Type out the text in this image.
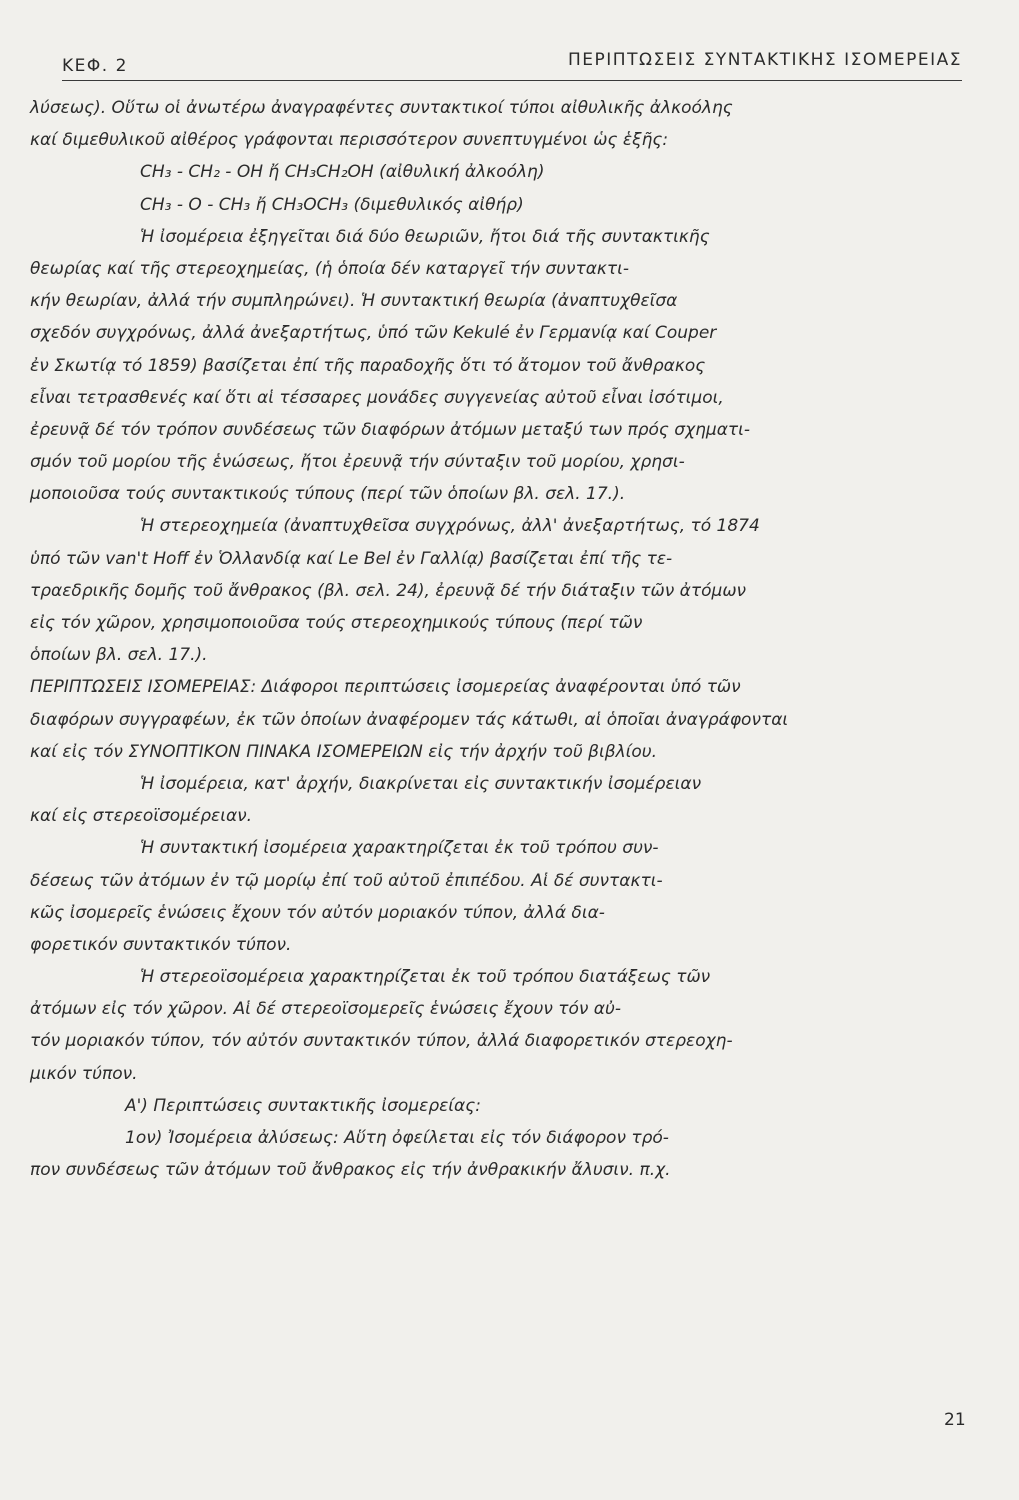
ΚΕΦ. 2	ΠΕΡΙΠΤΩΣΕΙΣ ΣΥΝΤΑΚΤΙΚΗΣ ΙΣΟΜΕΡΕΙΑΣ
λύσεως). Οὕτω οἱ ἀνωτέρω ἀναγραφέντες συντακτικοί τύποι αἰθυλικῆς ἀλκοόλης
καί διμεθυλικοῦ αἰθέρος γράφονται περισσότερον συνεπτυγμένοι ὡς ἑξῆς:
CH₃ - CH₂ - OH ἤ CH₃CH₂OH (αἰθυλική ἀλκοόλη)
CH₃ - O - CH₃ ἤ CH₃OCH₃ (διμεθυλικός αἰθήρ)
Ἡ ἰσομέρεια ἐξηγεῖται διά δύο θεωριῶν, ἤτοι διά τῆς συντακτικῆς
θεωρίας καί τῆς στερεοχημείας, (ἡ ὁποία δέν καταργεῖ τήν συντακτι-
κήν θεωρίαν, ἀλλά τήν συμπληρώνει). Ἡ συντακτική θεωρία (ἀναπτυχθεῖσα
σχεδόν συγχρόνως, ἀλλά ἀνεξαρτήτως, ὑπό τῶν Kekulé ἐν Γερμανίᾳ καί Couper
ἐν Σκωτίᾳ τό 1859) βασίζεται ἐπί τῆς παραδοχῆς ὅτι τό ἄτομον τοῦ ἄνθρακος
εἶναι τετρασθενές καί ὅτι αἱ τέσσαρες μονάδες συγγενείας αὐτοῦ εἶναι ἰσότιμοι,
ἐρευνᾷ δέ τόν τρόπον συνδέσεως τῶν διαφόρων ἀτόμων μεταξύ των πρός σχηματι-
σμόν τοῦ μορίου τῆς ἑνώσεως, ἤτοι ἐρευνᾷ τήν σύνταξιν τοῦ μορίου, χρησι-
μοποιοῦσα τούς συντακτικούς τύπους (περί τῶν ὁποίων βλ. σελ. 17.).
Ἡ στερεοχημεία (ἀναπτυχθεῖσα συγχρόνως, ἀλλ' ἀνεξαρτήτως, τό 1874
ὑπό τῶν van't Hoff ἐν Ὁλλανδίᾳ καί Le Bel ἐν Γαλλίᾳ) βασίζεται ἐπί τῆς τε-
τραεδρικῆς δομῆς τοῦ ἄνθρακος (βλ. σελ. 24), ἐρευνᾷ δέ τήν διάταξιν τῶν ἀτόμων
εἰς τόν χῶρον, χρησιμοποιοῦσα τούς στερεοχημικούς τύπους (περί τῶν
ὁποίων βλ. σελ. 17.).
ΠΕΡΙΠΤΩΣΕΙΣ ΙΣΟΜΕΡΕΙΑΣ: Διάφοροι περιπτώσεις ἰσομερείας ἀναφέρονται ὑπό τῶν
διαφόρων συγγραφέων, ἐκ τῶν ὁποίων ἀναφέρομεν τάς κάτωθι, αἱ ὁποῖαι ἀναγράφονται
καί εἰς τόν ΣΥΝΟΠΤΙΚΟΝ ΠΙΝΑΚΑ ΙΣΟΜΕΡΕΙΩΝ εἰς τήν ἀρχήν τοῦ βιβλίου.
Ἡ ἰσομέρεια, κατ' ἀρχήν, διακρίνεται εἰς συντακτικήν ἰσομέρειαν
καί εἰς στερεοϊσομέρειαν.
Ἡ συντακτική ἰσομέρεια χαρακτηρίζεται ἐκ τοῦ τρόπου συν-
δέσεως τῶν ἀτόμων ἐν τῷ μορίῳ ἐπί τοῦ αὐτοῦ ἐπιπέδου. Αἱ δέ συντακτι-
κῶς ἰσομερεῖς ἑνώσεις ἔχουν τόν αὐτόν μοριακόν τύπον, ἀλλά δια-
φορετικόν συντακτικόν τύπον.
Ἡ στερεοϊσομέρεια χαρακτηρίζεται ἐκ τοῦ τρόπου διατάξεως τῶν
ἀτόμων εἰς τόν χῶρον. Αἱ δέ στερεοϊσομερεῖς ἑνώσεις ἔχουν τόν αὐ-
τόν μοριακόν τύπον, τόν αὐτόν συντακτικόν τύπον, ἀλλά διαφορετικόν στερεοχη-
μικόν τύπον.
Α') Περιπτώσεις συντακτικῆς ἰσομερείας:
1ον) Ἰσομέρεια ἀλύσεως: Αὕτη ὀφείλεται εἰς τόν διάφορον τρό-
πον συνδέσεως τῶν ἀτόμων τοῦ ἄνθρακος εἰς τήν ἀνθρακικήν ἄλυσιν. π.χ.
21
